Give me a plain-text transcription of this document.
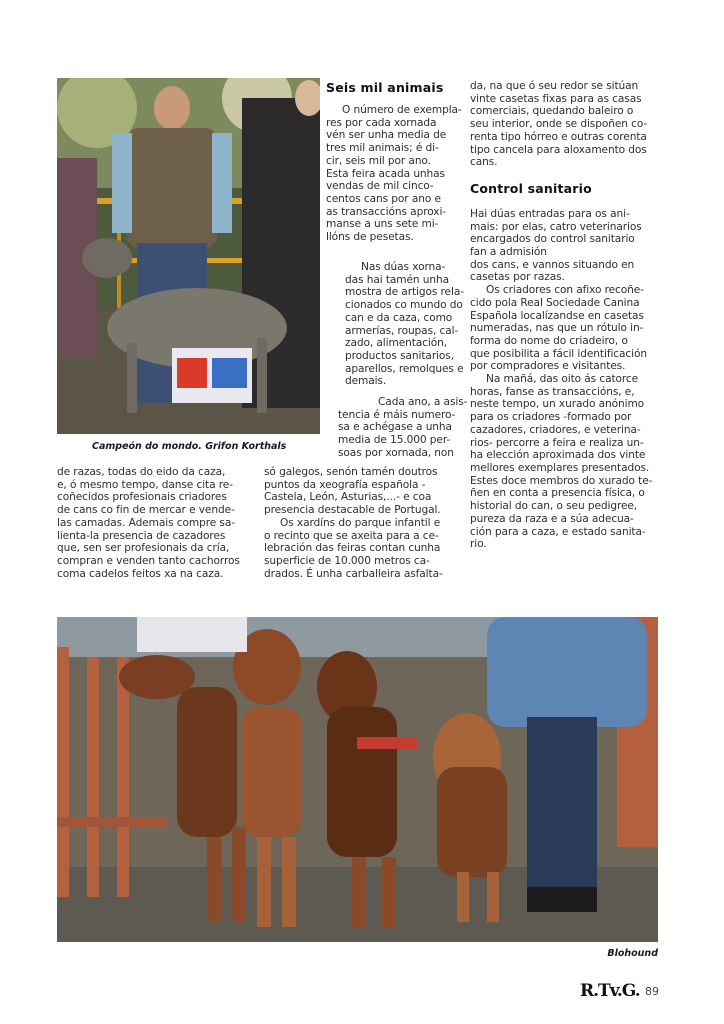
Campeón do mondo. Grifon Korthals
Seis mil animais
O número de exempla-
res por cada xornada
vén ser unha media de
tres mil animais; é di-
cir, seis mil por ano.
Esta feira acada unhas
vendas de mil cinco-
centos cans por ano e
as transaccións aproxi-
manse a uns sete mi-
llóns de pesetas.
Nas dúas xorna-
das hai tamén unha
mostra de artigos rela-
cionados co mundo do
can e da caza, como
armerías, roupas, cal-
zado, alimentación,
productos sanitarios,
aparellos, remolques e
demais.
Cada ano, a asis-
tencia é máis numero-
sa e achégase a unha
media de 15.000 per-
soas por xornada, non
de razas, todas do eido da caza,
e, ó mesmo tempo, danse cita re-
coñecidos profesionais criadores
de cans co fin de mercar e vende-
las camadas. Ademais compre sa-
lienta-la presencia de cazadores
que, sen ser profesionais da cría,
compran e venden tanto cachorros
coma cadelos feitos xa na caza.
só galegos, senón tamén doutros
puntos da xeografía española -
Castela, León, Asturias,...- e coa
presencia destacable de Portugal.
Os xardíns do parque infantil e
o recinto que se axeita para a ce-
lebración das feiras contan cunha
superficie de 10.000 metros ca-
drados. É unha carballeira asfalta-
da, na que ó seu redor se sitúan
vinte casetas fixas para as casas
comerciais, quedando baleiro o
seu interior, onde se dispoñen co-
renta tipo hórreo e outras corenta
tipo cancela para aloxamento dos
cans.
Control sanitario
Hai dúas entradas para os ani-
mais: por elas, catro veterinarios
encargados do control sanitario
fan a admisión
dos cans, e vannos situando en
casetas por razas.
Os criadores con afixo recoñe-
cido pola Real Sociedade Canina
Española localízandse en casetas
numeradas, nas que un rótulo in-
forma do nome do criadeiro, o
que posibilita a fácil identificación
por compradores e visitantes.
Na mañá, das oito ás catorce
horas, fanse as transaccións, e,
neste tempo, un xurado anónimo
para os criadores -formado por
cazadores, criadores, e veterina-
rios- percorre a feira e realiza un-
ha elección aproximada dos vinte
mellores exemplares presentados.
Estes doce membros do xurado te-
ñen en conta a presencia física, o
historial do can, o seu pedigree,
pureza da raza e a súa adecua-
ción para a caza, e estado sanita-
rio.
Blohound
R.Tv.G. 89
